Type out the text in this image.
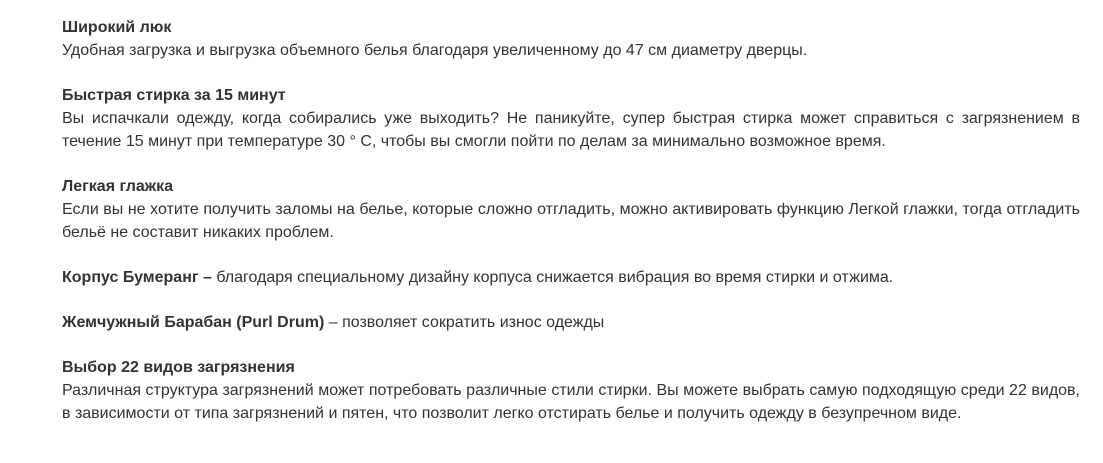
Широкий люк

Удобная загрузка и выгрузка объемного белья благодаря увеличенному до 47 см диаметру дверцы.

Быстрая стирка за 15 минут

Вы испачкали одежду, когда собирались уже выходить? Не паникуйте, супер быстрая стирка может справиться с загрязнением в течение 15 минут при температуре 30 ° С, чтобы вы смогли пойти по делам за минимально возможное время.

Легкая глажка

Если вы не хотите получить заломы на белье, которые сложно отгладить, можно активировать функцию Легкой глажки, тогда отгладить бельё не составит никаких проблем.

Корпус Бумеранг – благодаря специальному дизайну корпуса снижается вибрация во время стирки и отжима.

Жемчужный Барабан (Purl Drum) – позволяет сократить износ одежды

Выбор 22 видов загрязнения

Различная структура загрязнений может потребовать различные стили стирки. Вы можете выбрать самую подходящую среди 22 видов, в зависимости от типа загрязнений и пятен, что позволит легко отстирать белье и получить одежду в безупречном виде.
